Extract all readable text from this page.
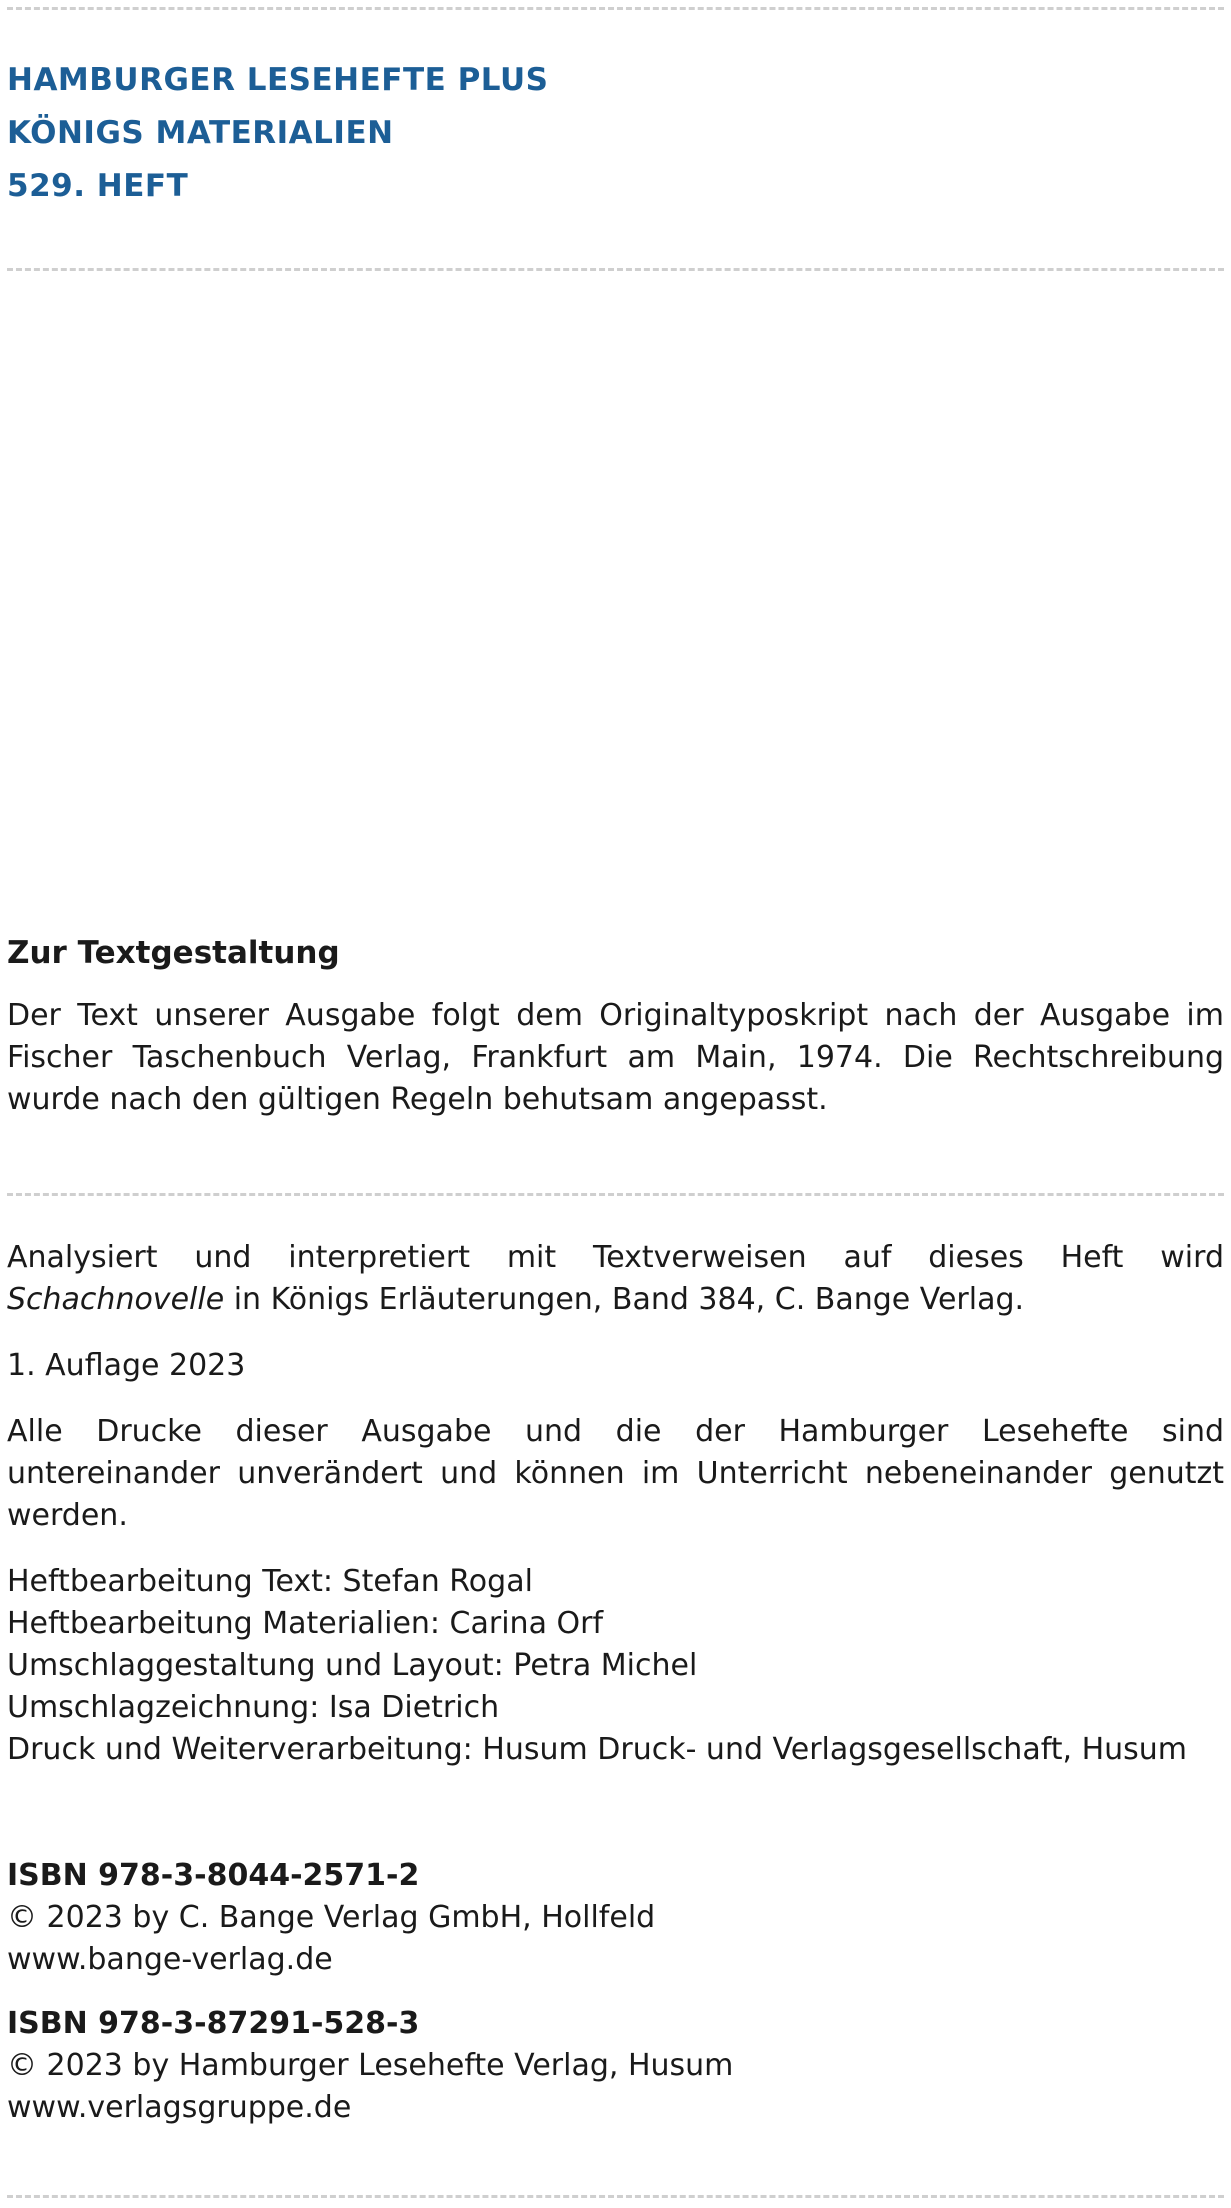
HAMBURGER LESEHEFTE PLUS
KÖNIGS MATERIALIEN
529. HEFT
Zur Textgestaltung

Der Text unserer Ausgabe folgt dem Originaltyposkript nach der Ausgabe im Fischer Taschenbuch Verlag, Frankfurt am Main, 1974. Die Rechtschreibung wurde nach den gültigen Regeln behutsam angepasst.

Analysiert und interpretiert mit Textverweisen auf dieses Heft wird Schachnovelle in Königs Erläuterungen, Band 384, C. Bange Verlag.

1. Auflage 2023

Alle Drucke dieser Ausgabe und die der Hamburger Lesehefte sind untereinander unverändert und können im Unterricht nebeneinander genutzt werden.

Heftbearbeitung Text: Stefan Rogal

Heftbearbeitung Materialien: Carina Orf

Umschlaggestaltung und Layout: Petra Michel

Umschlagzeichnung: Isa Dietrich

Druck und Weiterverarbeitung: Husum Druck- und Verlagsgesellschaft, Husum

ISBN 978-3-8044-2571-2

© 2023 by C. Bange Verlag GmbH, Hollfeld

www.bange-verlag.de

ISBN 978-3-87291-528-3

© 2023 by Hamburger Lesehefte Verlag, Husum

www.verlagsgruppe.de
